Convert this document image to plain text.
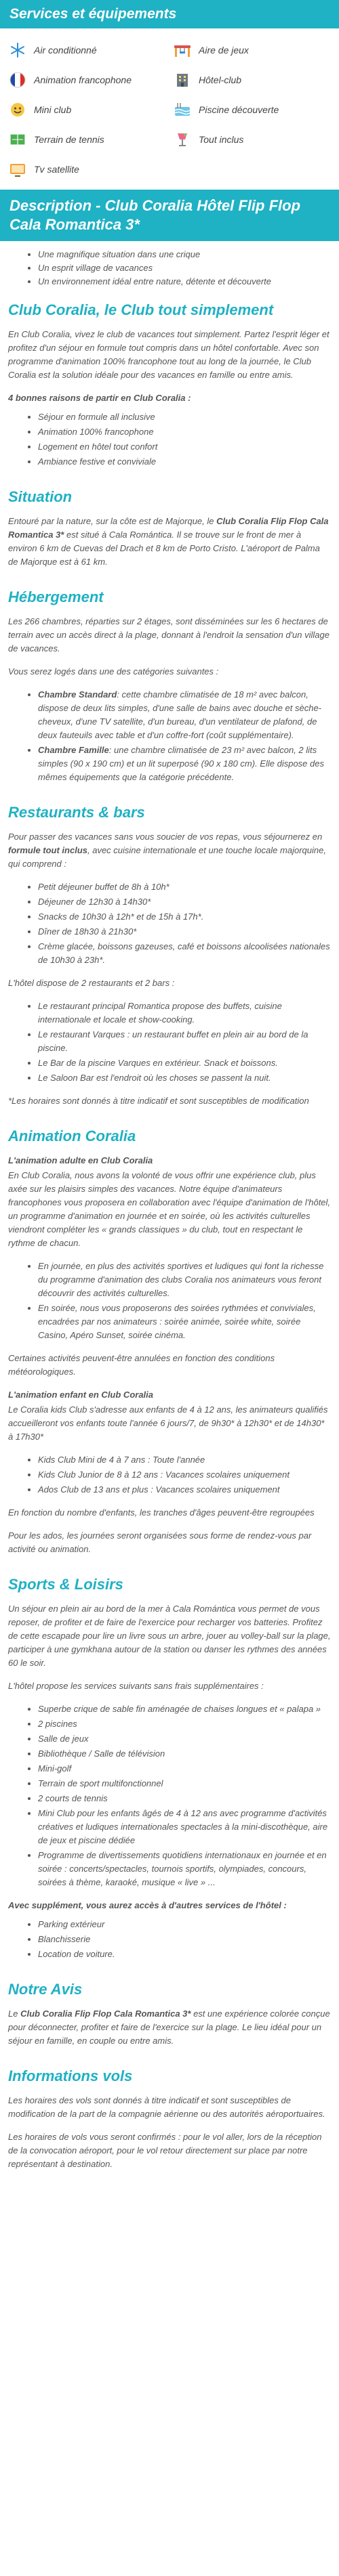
Services et équipements
Air conditionné	Aire de jeux
Animation francophone	Hôtel-club
Mini club	Piscine découverte
Terrain de tennis	Tout inclus
Tv satellite
Description - Club Coralia Hôtel Flip Flop Cala Romantica 3*
• Une magnifique situation dans une crique
• Un esprit village de vacances
• Un environnement idéal entre nature, détente et découverte
Club Coralia, le Club tout simplement

En Club Coralia, vivez le club de vacances tout simplement. Partez l'esprit léger et profitez d'un séjour en formule tout compris dans un hôtel confortable. Avec son programme d'animation 100% francophone tout au long de la journée, le Club Coralia est la solution idéale pour des vacances en famille ou entre amis.

4 bonnes raisons de partir en Club Coralia :

• Séjour en formule all inclusive
• Animation 100% francophone
• Logement en hôtel tout confort
• Ambiance festive et conviviale
Situation

Entouré par la nature, sur la côte est de Majorque, le Club Coralia Flip Flop Cala Romantica 3* est situé à Cala Romántica. Il se trouve sur le front de mer à environ 6 km de Cuevas del Drach et 8 km de Porto Cristo. L'aéroport de Palma de Majorque est à 61 km.

Hébergement

Les 266 chambres, réparties sur 2 étages, sont disséminées sur les 6 hectares de terrain avec un accès direct à la plage, donnant à l'endroit la sensation d'un village de vacances.

Vous serez logés dans une des catégories suivantes :

• Chambre Standard: cette chambre climatisée de 18 m² avec balcon, dispose de deux lits simples, d'une salle de bains avec douche et sèche-cheveux, d'une TV satellite, d'un bureau, d'un ventilateur de plafond, de deux fauteuils avec table et d'un coffre-fort (coût supplémentaire).
• Chambre Famille: une chambre climatisée de 23 m² avec balcon, 2 lits simples (90 x 190 cm) et un lit superposé (90 x 180 cm). Elle dispose des mêmes équipements que la catégorie précédente.
Restaurants & bars

Pour passer des vacances sans vous soucier de vos repas, vous séjournerez en formule tout inclus, avec cuisine internationale et une touche locale majorquine, qui comprend :

• Petit déjeuner buffet de 8h à 10h*
• Déjeuner de 12h30 à 14h30*
• Snacks de 10h30 à 12h* et de 15h à 17h*.
• Dîner de 18h30 à 21h30*
• Crème glacée, boissons gazeuses, café et boissons alcoolisées nationales de 10h30 à 23h*.

L'hôtel dispose de 2 restaurants et 2 bars :

• Le restaurant principal Romantica propose des buffets, cuisine internationale et locale et show-cooking.
• Le restaurant Varques : un restaurant buffet en plein air au bord de la piscine.
• Le Bar de la piscine Varques en extérieur. Snack et boissons.
• Le Saloon Bar est l'endroit où les choses se passent la nuit.

*Les horaires sont donnés à titre indicatif et sont susceptibles de modification

Animation Coralia

L'animation adulte en Club Coralia

En Club Coralia, nous avons la volonté de vous offrir une expérience club, plus axée sur les plaisirs simples des vacances. Notre équipe d'animateurs francophones vous proposera en collaboration avec l'équipe d'animation de l'hôtel, un programme d'animation en journée et en soirée, où les activités culturelles viendront compléter les « grands classiques » du club, tout en respectant le rythme de chacun.

• En journée, en plus des activités sportives et ludiques qui font la richesse du programme d'animation des clubs Coralia nos animateurs vous feront découvrir des activités culturelles.
• En soirée, nous vous proposerons des soirées rythmées et conviviales, encadrées par nos animateurs : soirée animée, soirée white, soirée Casino, Apéro Sunset, soirée cinéma.

Certaines activités peuvent-être annulées en fonction des conditions météorologiques.

L'animation enfant en Club Coralia

Le Coralia kids Club s'adresse aux enfants de 4 à 12 ans, les animateurs qualifiés accueilleront vos enfants toute l'année 6 jours/7, de 9h30* à 12h30* et de 14h30* à 17h30*

• Kids Club Mini de 4 à 7 ans : Toute l'année
• Kids Club Junior de 8 à 12 ans : Vacances scolaires uniquement
• Ados Club de 13 ans et plus : Vacances scolaires uniquement

En fonction du nombre d'enfants, les tranches d'âges peuvent-être regroupées

Pour les ados, les journées seront organisées sous forme de rendez-vous par activité ou animation.

Sports & Loisirs

Un séjour en plein air au bord de la mer à Cala Romántica vous permet de vous reposer, de profiter et de faire de l'exercice pour recharger vos batteries. Profitez de cette escapade pour lire un livre sous un arbre, jouer au volley-ball sur la plage, participer à une gymkhana autour de la station ou danser les rythmes des années 60 le soir.

L'hôtel propose les services suivants sans frais supplémentaires :

• Superbe crique de sable fin aménagée de chaises longues et « palapa »
• 2 piscines
• Salle de jeux
• Bibliothèque / Salle de télévision
• Mini-golf
• Terrain de sport multifonctionnel
• 2 courts de tennis
• Mini Club pour les enfants âgés de 4 à 12 ans avec programme d'activités créatives et ludiques internationales spectacles à la mini-discothèque, aire de jeux et piscine dédiée
• Programme de divertissements quotidiens internationaux en journée et en soirée : concerts/spectacles, tournois sportifs, olympiades, concours, soirées à thème, karaoké, musique « live » ...

Avec supplément, vous aurez accès à d'autres services de l'hôtel :

• Parking extérieur
• Blanchisserie
• Location de voiture.
Notre Avis

Le Club Coralia Flip Flop Cala Romantica 3* est une expérience colorée conçue pour déconnecter, profiter et faire de l'exercice sur la plage. Le lieu idéal pour un séjour en famille, en couple ou entre amis.

Informations vols

Les horaires des vols sont donnés à titre indicatif et sont susceptibles de modification de la part de la compagnie aérienne ou des autorités aéroportuaires.

Les horaires de vols vous seront confirmés : pour le vol aller, lors de la réception de la convocation aéroport, pour le vol retour directement sur place par notre représentant à destination.
